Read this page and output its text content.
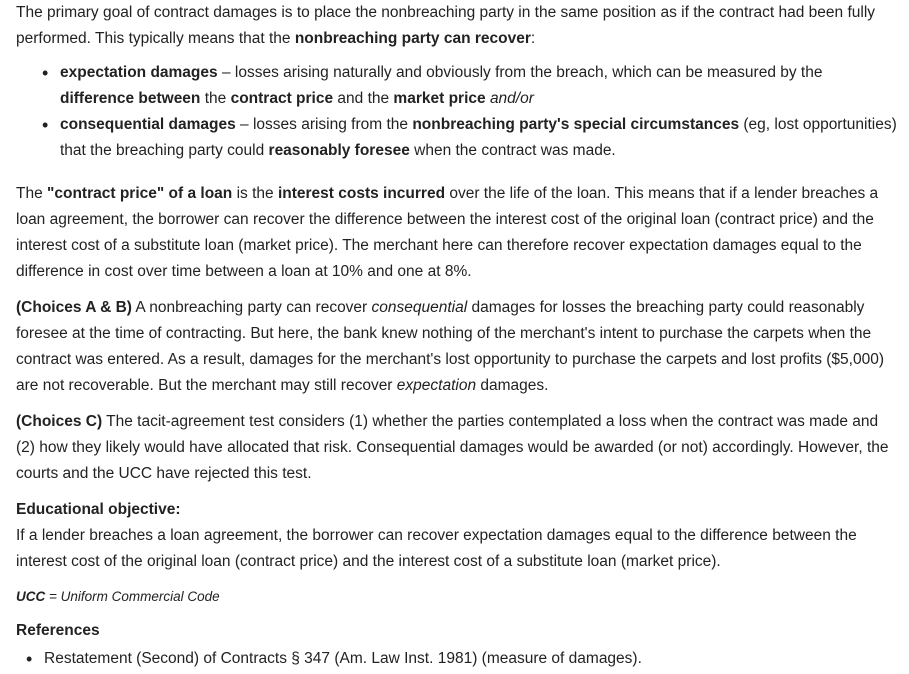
The primary goal of contract damages is to place the nonbreaching party in the same position as if the contract had been fully performed. This typically means that the nonbreaching party can recover:

• expectation damages – losses arising naturally and obviously from the breach, which can be measured by the difference between the contract price and the market price and/or
• consequential damages – losses arising from the nonbreaching party's special circumstances (eg, lost opportunities) that the breaching party could reasonably foresee when the contract was made.

The "contract price" of a loan is the interest costs incurred over the life of the loan. This means that if a lender breaches a loan agreement, the borrower can recover the difference between the interest cost of the original loan (contract price) and the interest cost of a substitute loan (market price). The merchant here can therefore recover expectation damages equal to the difference in cost over time between a loan at 10% and one at 8%.

(Choices A & B) A nonbreaching party can recover consequential damages for losses the breaching party could reasonably foresee at the time of contracting. But here, the bank knew nothing of the merchant's intent to purchase the carpets when the contract was entered. As a result, damages for the merchant's lost opportunity to purchase the carpets and lost profits ($5,000) are not recoverable. But the merchant may still recover expectation damages.

(Choices C) The tacit-agreement test considers (1) whether the parties contemplated a loss when the contract was made and (2) how they likely would have allocated that risk. Consequential damages would be awarded (or not) accordingly. However, the courts and the UCC have rejected this test.

Educational objective:

If a lender breaches a loan agreement, the borrower can recover expectation damages equal to the difference between the interest cost of the original loan (contract price) and the interest cost of a substitute loan (market price).

UCC = Uniform Commercial Code

References

• Restatement (Second) of Contracts § 347 (Am. Law Inst. 1981) (measure of damages).
